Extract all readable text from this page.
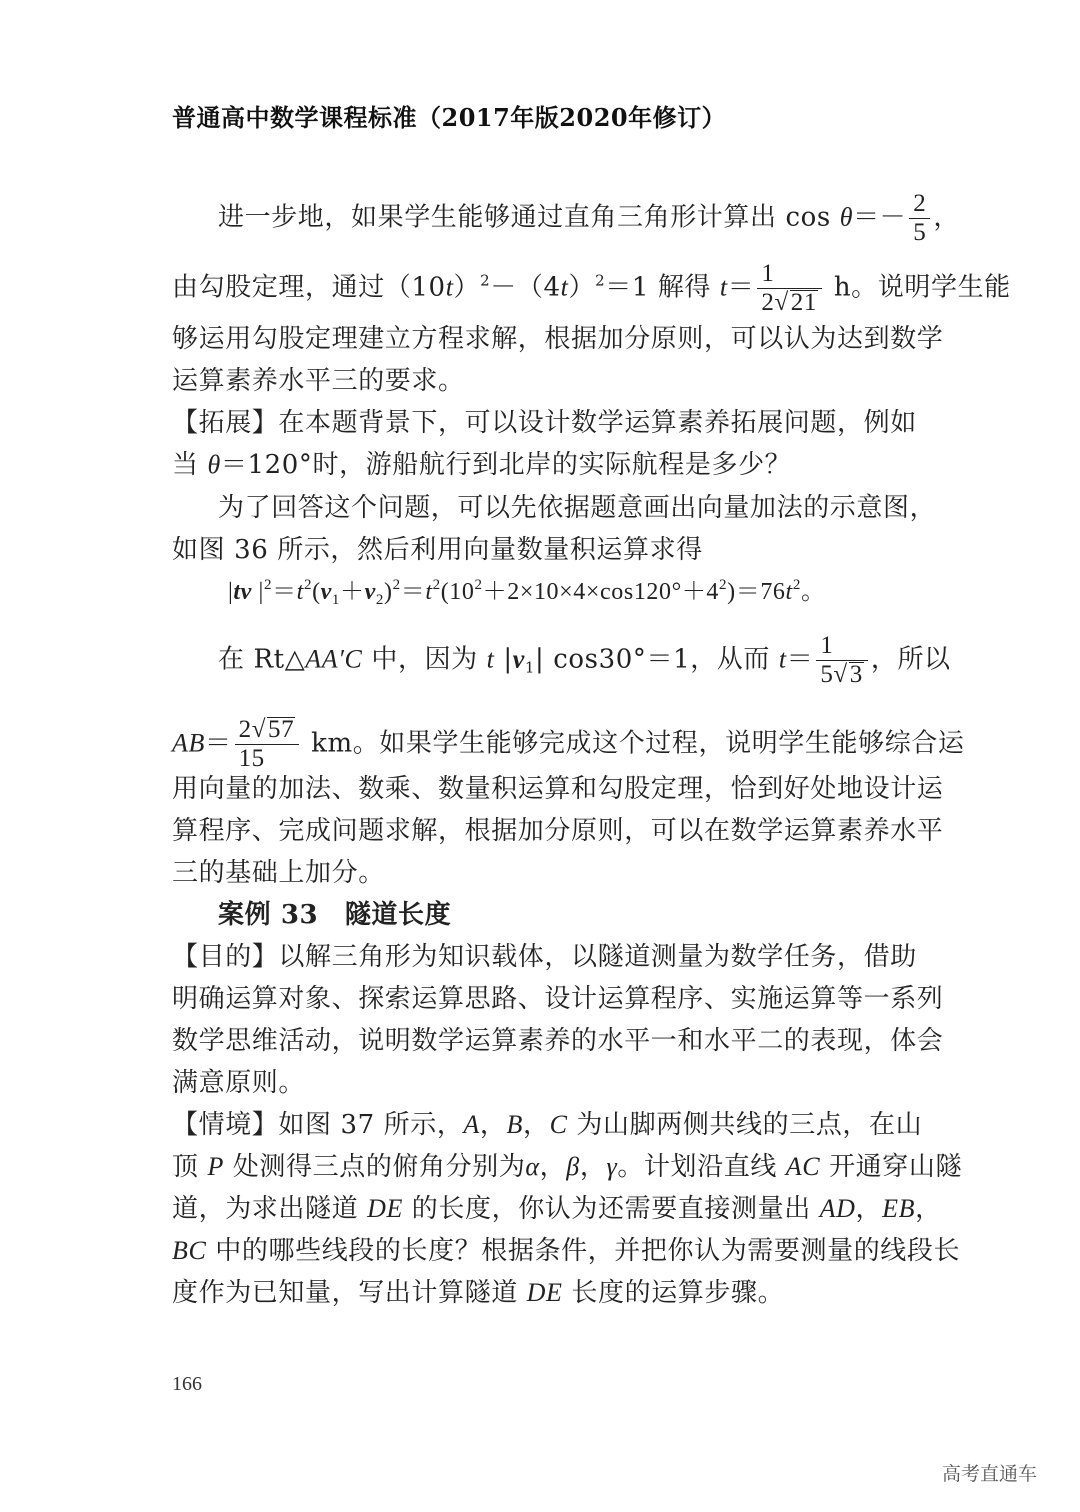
普通高中数学课程标准（2017年版2020年修订）
进一步地，如果学生能够通过直角三角形计算出 $\cos \theta=- \frac{2}{5}$ ，
由勾股定理，通过$(10t)^2-(4t)^2=1$ 解得 $t= \frac{1}{2√21}$ h。说明学生能
够运用勾股定理建立方程求解，根据加分原则，可以认为达到数学
运算素养水平三的要求。
【拓展】在本题背景下，可以设计数学运算素养拓展问题，例如
当 θ＝120°时，游船航行到北岸的实际航程是多少？
为了回答这个问题，可以先依据题意画出向量加法的示意图，
如图 36 所示，然后利用向量数量积运算求得
|tv $|^2=t^2(v_1+v_2)^2=t^2(10^2+2\times 10\times 4\times\cos 120^\circ+4^2)=76t^2$。
在 Rt△AA′C 中，因为 t $|v_1|$ cos30°＝1，从而 $t= \frac{1}{5√3}$ ，所以
$AB= \frac{2√57}{15}$ km。如果学生能够完成这个过程，说明学生能够综合运
用向量的加法、数乘、数量积运算和勾股定理，恰到好处地设计运
算程序、完成问题求解，根据加分原则，可以在数学运算素养水平
三的基础上加分。
案例 33　隧道长度
【目的】以解三角形为知识载体，以隧道测量为数学任务，借助
明确运算对象、探索运算思路、设计运算程序、实施运算等一系列
数学思维活动，说明数学运算素养的水平一和水平二的表现，体会
满意原则。
【情境】如图 37 所示，A，B，C 为山脚两侧共线的三点，在山
顶 P 处测得三点的俯角分别为α，β，γ。计划沿直线 AC 开通穿山隧
道，为求出隧道 DE 的长度，你认为还需要直接测量出 AD，EB，
BC 中的哪些线段的长度？根据条件，并把你认为需要测量的线段长
度作为已知量，写出计算隧道 DE 长度的运算步骤。
166
高考直通车
